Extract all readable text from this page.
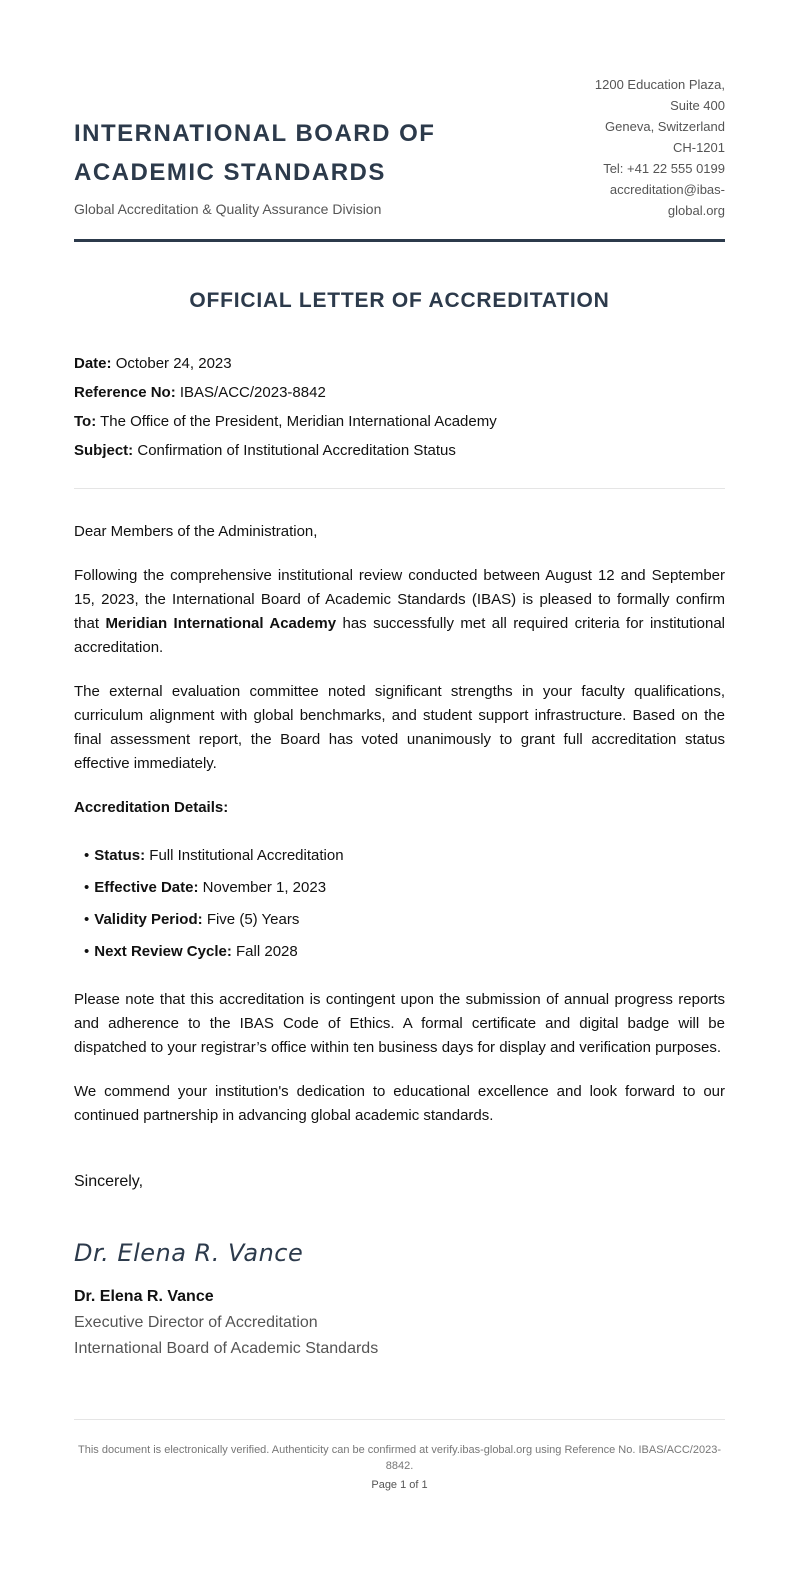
INTERNATIONAL BOARD OF ACADEMIC STANDARDS
Global Accreditation & Quality Assurance Division
1200 Education Plaza,
Suite 400
Geneva, Switzerland
CH-1201
Tel: +41 22 555 0199
accreditation@ibas-
global.org
OFFICIAL LETTER OF ACCREDITATION
Date: October 24, 2023
Reference No: IBAS/ACC/2023-8842
To: The Office of the President, Meridian International Academy
Subject: Confirmation of Institutional Accreditation Status

Dear Members of the Administration,

Following the comprehensive institutional review conducted between August 12 and September 15, 2023, the International Board of Academic Standards (IBAS) is pleased to formally confirm that Meridian International Academy has successfully met all required criteria for institutional accreditation.

The external evaluation committee noted significant strengths in your faculty qualifications, curriculum alignment with global benchmarks, and student support infrastructure. Based on the final assessment report, the Board has voted unanimously to grant full accreditation status effective immediately.

Accreditation Details:
• Status: Full Institutional Accreditation
• Effective Date: November 1, 2023
• Validity Period: Five (5) Years
• Next Review Cycle: Fall 2028

Please note that this accreditation is contingent upon the submission of annual progress reports and adherence to the IBAS Code of Ethics. A formal certificate and digital badge will be dispatched to your registrar’s office within ten business days for display and verification purposes.

We commend your institution's dedication to educational excellence and look forward to our continued partnership in advancing global academic standards.

Sincerely,
Dr. Elena R. Vance
Dr. Elena R. Vance
Executive Director of Accreditation
International Board of Academic Standards
This document is electronically verified. Authenticity can be confirmed at verify.ibas-global.org using Reference No. IBAS/ACC/2023-8842.
Page 1 of 1
